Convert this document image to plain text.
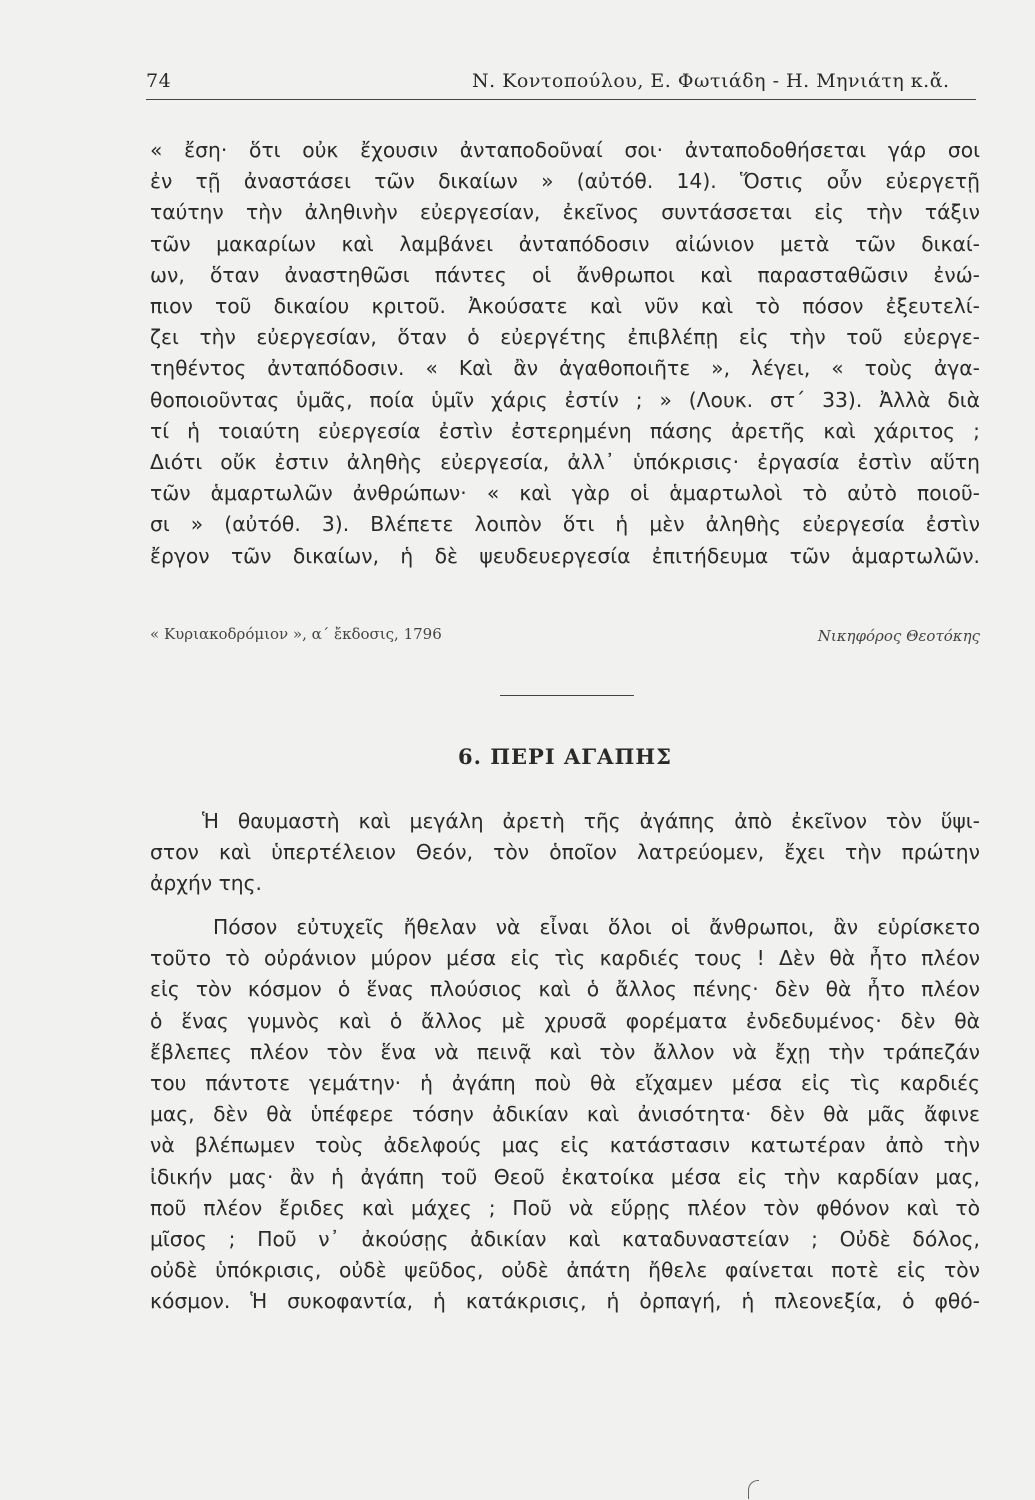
74	Ν. Κοντοπούλου, Ε. Φωτιάδη - Η. Μηνιάτη κ.ἄ.
« ἔση· ὅτι οὐκ ἔχουσιν ἀνταποδοῦναί σοι· ἀνταποδοθήσεται γάρ σοι
ἐν τῇ ἀναστάσει τῶν δικαίων » (αὐτόθ. 14). Ὅστις οὖν εὐεργετῇ
ταύτην τὴν ἀληθινὴν εὐεργεσίαν, ἐκεῖνος συντάσσεται εἰς τὴν τάξιν
τῶν μακαρίων καὶ λαμβάνει ἀνταπόδοσιν αἰώνιον μετὰ τῶν δικαί-
ων, ὅταν ἀναστηθῶσι πάντες οἱ ἄνθρωποι καὶ παρασταθῶσιν ἐνώ-
πιον τοῦ δικαίου κριτοῦ. Ἀκούσατε καὶ νῦν καὶ τὸ πόσον ἐξευτελί-
ζει τὴν εὐεργεσίαν, ὅταν ὁ εὐεργέτης ἐπιβλέπῃ εἰς τὴν τοῦ εὐεργε-
τηθέντος ἀνταπόδοσιν. « Καὶ ἂν ἀγαθοποιῆτε », λέγει, « τοὺς ἀγα-
θοποιοῦντας ὑμᾶς, ποία ὑμῖν χάρις ἐστίν ; » (Λουκ. στ΄ 33). Ἀλλὰ διὰ
τί ἡ τοιαύτη εὐεργεσία ἐστὶν ἐστερημένη πάσης ἀρετῆς καὶ χάριτος ;
Διότι οὔκ ἐστιν ἀληθὴς εὐεργεσία, ἀλλ᾽ ὑπόκρισις· ἐργασία ἐστὶν αὕτη
τῶν ἁμαρτωλῶν ἀνθρώπων· « καὶ γὰρ οἱ ἁμαρτωλοὶ τὸ αὐτὸ ποιοῦ-
σι » (αὐτόθ. 3). Βλέπετε λοιπὸν ὅτι ἡ μὲν ἀληθὴς εὐεργεσία ἐστὶν
ἔργον τῶν δικαίων, ἡ δὲ ψευδευεργεσία ἐπιτήδευμα τῶν ἁμαρτωλῶν.
« Κυριακοδρόμιον », α΄ ἔκδοσις, 1796	Νικηφόρος Θεοτόκης
6. ΠΕΡΙ ΑΓΑΠΗΣ
Ἡ θαυμαστὴ καὶ μεγάλη ἀρετὴ τῆς ἀγάπης ἀπὸ ἐκεῖνον τὸν ὕψι-
στον καὶ ὑπερτέλειον Θεόν, τὸν ὁποῖον λατρεύομεν, ἔχει τὴν πρώτην
ἀρχήν της.
Πόσον εὐτυχεῖς ἤθελαν νὰ εἶναι ὅλοι οἱ ἄνθρωποι, ἂν εὑρίσκετο
τοῦτο τὸ οὐράνιον μύρον μέσα εἰς τὶς καρδιές τους ! Δὲν θὰ ἦτο πλέον
εἰς τὸν κόσμον ὁ ἕνας πλούσιος καὶ ὁ ἄλλος πένης· δὲν θὰ ἦτο πλέον
ὁ ἕνας γυμνὸς καὶ ὁ ἄλλος μὲ χρυσᾶ φορέματα ἐνδεδυμένος· δὲν θὰ
ἔβλεπες πλέον τὸν ἕνα νὰ πεινᾷ καὶ τὸν ἄλλον νὰ ἔχῃ τὴν τράπεζάν
του πάντοτε γεμάτην· ἡ ἀγάπη ποὺ θὰ εἴχαμεν μέσα εἰς τὶς καρδιές
μας, δὲν θὰ ὑπέφερε τόσην ἀδικίαν καὶ ἀνισότητα· δὲν θὰ μᾶς ἄφινε
νὰ βλέπωμεν τοὺς ἀδελφούς μας εἰς κατάστασιν κατωτέραν ἀπὸ τὴν
ἰδικήν μας· ἂν ἡ ἀγάπη τοῦ Θεοῦ ἐκατοίκα μέσα εἰς τὴν καρδίαν μας,
ποῦ πλέον ἔριδες καὶ μάχες ; Ποῦ νὰ εὕρῃς πλέον τὸν φθόνον καὶ τὸ
μῖσος ; Ποῦ ν᾽ ἀκούσῃς ἀδικίαν καὶ καταδυναστείαν ; Οὐδὲ δόλος,
οὐδὲ ὑπόκρισις, οὐδὲ ψεῦδος, οὐδὲ ἀπάτη ἤθελε φαίνεται ποτὲ εἰς τὸν
κόσμον. Ἡ συκοφαντία, ἡ κατάκρισις, ἡ ὀρπαγή, ἡ πλεονεξία, ὁ φθό-
